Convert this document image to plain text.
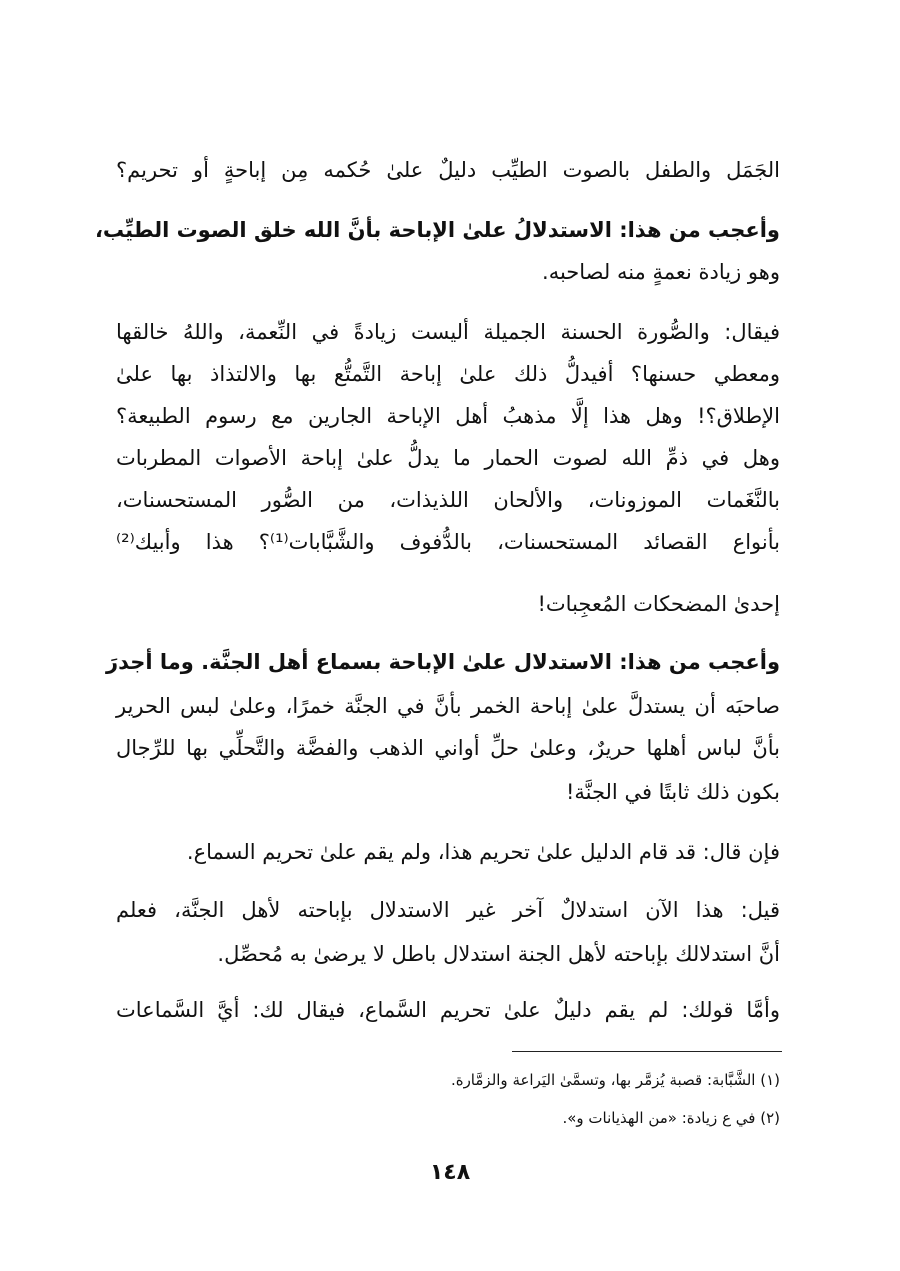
الجَمَل والطفل بالصوت الطيِّب دليلٌ علىٰ حُكمه مِن إباحةٍ أو تحريم؟
وأعجب من هذا: الاستدلالُ علىٰ الإباحة بأنَّ الله خلق الصوت الطيِّب،
وهو زيادة نعمةٍ منه لصاحبه.
فيقال: والصُّورة الحسنة الجميلة أليست زيادةً في النِّعمة، واللهُ خالقها
ومعطي حسنها؟ أفيدلُّ ذلك علىٰ إباحة التَّمتُّع بها والالتذاذ بها علىٰ
الإطلاق؟! وهل هذا إلَّا مذهبُ أهل الإباحة الجارين مع رسوم الطبيعة؟
وهل في ذمِّ الله لصوت الحمار ما يدلُّ علىٰ إباحة الأصوات المطربات
بالنَّغَمات الموزونات، والألحان اللذيذات، من الصُّور المستحسنات،
بأنواع القصائد المستحسنات، بالدُّفوف والشَّبَّابات⁽¹⁾؟ هذا وأبيك⁽²⁾
إحدىٰ المضحكات المُعجِبات!
وأعجب من هذا: الاستدلال علىٰ الإباحة بسماع أهل الجنَّة. وما أجدرَ
صاحبَه أن يستدلَّ علىٰ إباحة الخمر بأنَّ في الجنَّة خمرًا، وعلىٰ لبس الحرير
بأنَّ لباس أهلها حريرٌ، وعلىٰ حلِّ أواني الذهب والفضَّة والتَّحلِّي بها للرِّجال
بكون ذلك ثابتًا في الجنَّة!
فإن قال: قد قام الدليل علىٰ تحريم هذا، ولم يقم علىٰ تحريم السماع.
قيل: هذا الآن استدلالٌ آخر غير الاستدلال بإباحته لأهل الجنَّة، فعلم
أنَّ استدلالك بإباحته لأهل الجنة استدلال باطل لا يرضىٰ به مُحصِّل.
وأمَّا قولك: لم يقم دليلٌ علىٰ تحريم السَّماع، فيقال لك: أيَّ السَّماعات
(١) الشَّبَّابة: قصبة يُزمَّر بها، وتسمَّىٰ اليَراعة والزمَّارة.
(٢) في ع زيادة: «من الهذيانات و».
١٤٨
